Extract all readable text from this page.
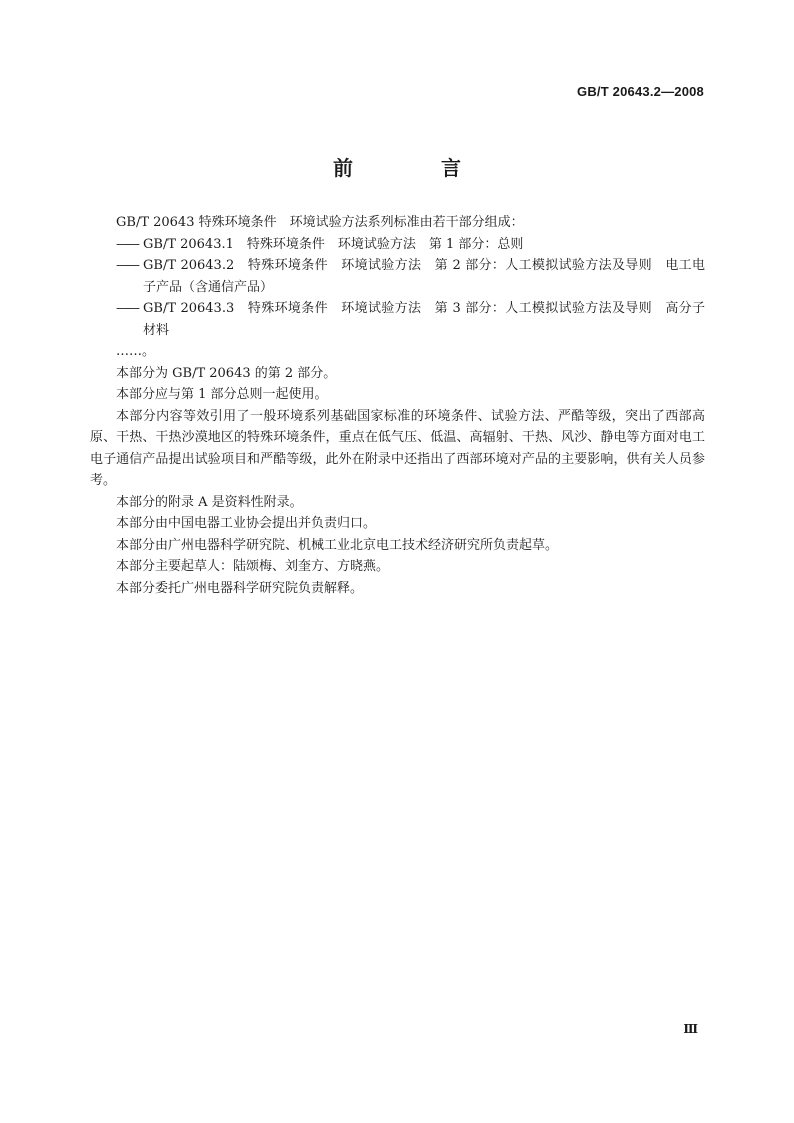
GB/T 20643.2—2008
前　言

GB/T 20643 特殊环境条件　环境试验方法系列标准由若干部分组成：

—— GB/T 20643.1　特殊环境条件　环境试验方法　第 1 部分：总则

—— GB/T 20643.2　特殊环境条件　环境试验方法　第 2 部分：人工模拟试验方法及导则　电工电子产品（含通信产品）

—— GB/T 20643.3　特殊环境条件　环境试验方法　第 3 部分：人工模拟试验方法及导则　高分子材料

……。

本部分为 GB/T 20643 的第 2 部分。

本部分应与第 1 部分总则一起使用。

本部分内容等效引用了一般环境系列基础国家标准的环境条件、试验方法、严酷等级，突出了西部高原、干热、干热沙漠地区的特殊环境条件，重点在低气压、低温、高辐射、干热、风沙、静电等方面对电工电子通信产品提出试验项目和严酷等级，此外在附录中还指出了西部环境对产品的主要影响，供有关人员参考。

本部分的附录 A 是资料性附录。

本部分由中国电器工业协会提出并负责归口。

本部分由广州电器科学研究院、机械工业北京电工技术经济研究所负责起草。

本部分主要起草人：陆颂梅、刘奎方、方晓燕。

本部分委托广州电器科学研究院负责解释。

Ⅲ
